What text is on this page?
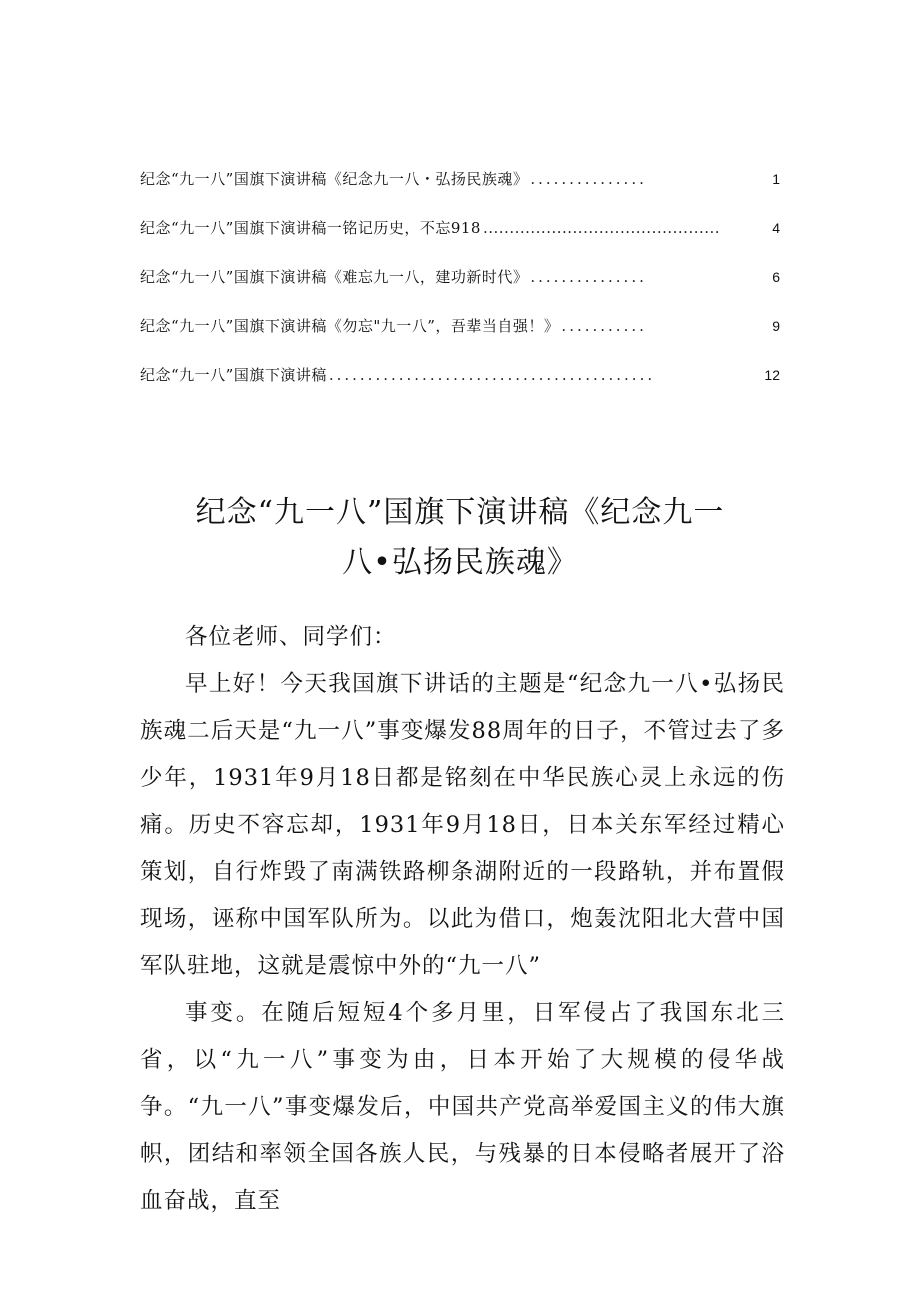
纪念“九一八”国旗下演讲稿《纪念九一八・弘扬民族魂》 ...............	1
纪念“九一八”国旗下演讲稿一铭记历史，不忘918 .............................................	4
纪念“九一八”国旗下演讲稿《难忘九一八，建功新时代》 ...............	6
纪念“九一八”国旗下演讲稿《勿忘"九一八”，吾辈当自强！》 ...........	9
纪念“九一八”国旗下演讲稿 ..........................................	12
纪念“九一八”国旗下演讲稿《纪念九一
八•弘扬民族魂》

各位老师、同学们：

早上好！今天我国旗下讲话的主题是“纪念九一八•弘扬民族魂二后天是“九一八”事变爆发88周年的日子，不管过去了多少年，1931年9月18日都是铭刻在中华民族心灵上永远的伤痛。历史不容忘却，1931年9月18日，日本关东军经过精心策划，自行炸毁了南满铁路柳条湖附近的一段路轨，并布置假现场，诬称中国军队所为。以此为借口，炮轰沈阳北大营中国军队驻地，这就是震惊中外的“九一八”

事变。在随后短短4个多月里，日军侵占了我国东北三省，以“九一八”事变为由，日本开始了大规模的侵华战争。“九一八”事变爆发后，中国共产党高举爱国主义的伟大旗帜，团结和率领全国各族人民，与残暴的日本侵略者展开了浴血奋战，直至
